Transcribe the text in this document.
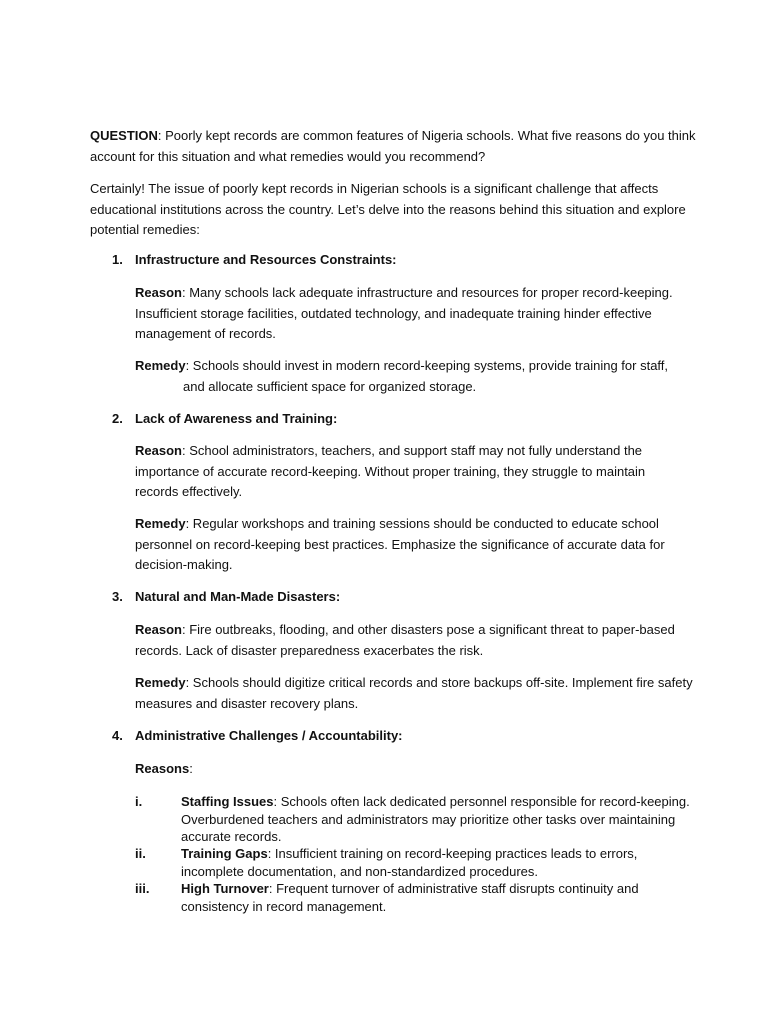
QUESTION: Poorly kept records are common features of Nigeria schools. What five reasons do you think
account for this situation and what remedies would you recommend?

Certainly! The issue of poorly kept records in Nigerian schools is a significant challenge that affects
educational institutions across the country. Let’s delve into the reasons behind this situation and explore
potential remedies:

1. Infrastructure and Resources Constraints:
Reason: Many schools lack adequate infrastructure and resources for proper record-keeping.
Insufficient storage facilities, outdated technology, and inadequate training hinder effective
management of records.
Remedy: Schools should invest in modern record-keeping systems, provide training for staff,
and allocate sufficient space for organized storage.
2. Lack of Awareness and Training:
Reason: School administrators, teachers, and support staff may not fully understand the
importance of accurate record-keeping. Without proper training, they struggle to maintain
records effectively.
Remedy: Regular workshops and training sessions should be conducted to educate school
personnel on record-keeping best practices. Emphasize the significance of accurate data for
decision-making.
3. Natural and Man-Made Disasters:
Reason: Fire outbreaks, flooding, and other disasters pose a significant threat to paper-based
records. Lack of disaster preparedness exacerbates the risk.
Remedy: Schools should digitize critical records and store backups off-site. Implement fire safety
measures and disaster recovery plans.
4. Administrative Challenges / Accountability:
Reasons:
i.	Staffing Issues: Schools often lack dedicated personnel responsible for record-keeping.
Overburdened teachers and administrators may prioritize other tasks over maintaining
accurate records.
ii.	Training Gaps: Insufficient training on record-keeping practices leads to errors,
incomplete documentation, and non-standardized procedures.
iii. High Turnover: Frequent turnover of administrative staff disrupts continuity and
consistency in record management.
